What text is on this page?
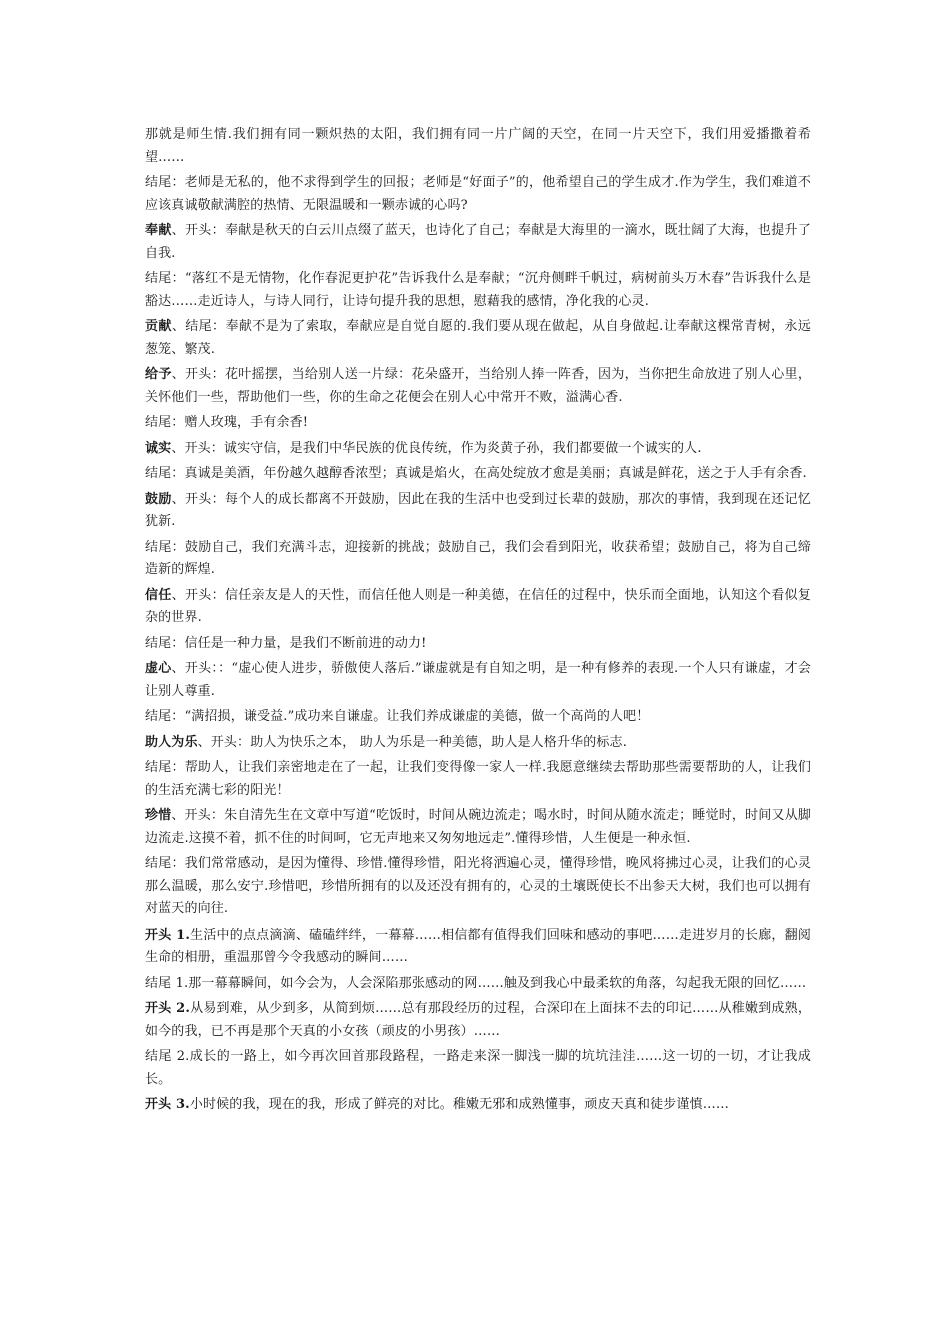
那就是师生情.我们拥有同一颗炽热的太阳，我们拥有同一片广阔的天空，在同一片天空下，我们用爱播撒着希望……

结尾：老师是无私的，他不求得到学生的回报；老师是“好面子”的，他希望自己的学生成才.作为学生，我们难道不应该真诚敬献满腔的热情、无限温暖和一颗赤诚的心吗?

奉献、开头：奉献是秋天的白云川点缀了蓝天，也诗化了自己；奉献是大海里的一滴水，既壮阔了大海，也提升了自我.

结尾：“落红不是无情物，化作春泥更护花”告诉我什么是奉献；“沉舟侧畔千帆过，病树前头万木春”告诉我什么是豁达……走近诗人，与诗人同行，让诗句提升我的思想，慰藉我的感情，净化我的心灵.

贡献、结尾：奉献不是为了索取，奉献应是自觉自愿的.我们要从现在做起，从自身做起.让奉献这棵常青树，永远葱笼、繁茂.

给予、开头：花叶摇摆，当给别人送一片绿：花朵盛开，当给别人捧一阵香，因为，当你把生命放进了别人心里，关怀他们一些，帮助他们一些，你的生命之花便会在别人心中常开不败，溢满心香.

结尾：赠人玫瑰，手有余香!

诚实、开头：诚实守信，是我们中华民族的优良传统，作为炎黄子孙，我们都要做一个诚实的人.

结尾：真诚是美酒，年份越久越醇香浓型；真诚是焰火，在高处绽放才愈是美丽；真诚是鲜花，送之于人手有余香.

鼓励、开头：每个人的成长都离不开鼓励，因此在我的生活中也受到过长辈的鼓励，那次的事情，我到现在还记忆犹新.

结尾：鼓励自己，我们充满斗志，迎接新的挑战；鼓励自己，我们会看到阳光，收获希望；鼓励自己，将为自己缔造新的辉煌.

信任、开头：信任亲友是人的天性，而信任他人则是一种美德，在信任的过程中，快乐而全面地，认知这个看似复杂的世界.

结尾：信任是一种力量，是我们不断前进的动力!

虚心、开头：：“虚心使人进步，骄傲使人落后.”谦虚就是有自知之明，是一种有修养的表现.一个人只有谦虚，才会让别人尊重.

结尾：“满招损，谦受益.”成功来自谦虚。让我们养成谦虚的美德，做一个高尚的人吧！

助人为乐、开头：助人为快乐之本， 助人为乐是一种美德，助人是人格升华的标志.

结尾：帮助人，让我们亲密地走在了一起，让我们变得像一家人一样.我愿意继续去帮助那些需要帮助的人，让我们的生活充满七彩的阳光！

珍惜、开头：朱自清先生在文章中写道“吃饭时，时间从碗边流走；喝水时，时间从随水流走；睡觉时，时间又从脚边流走.这摸不着，抓不住的时间呵，它无声地来又匆匆地远走”.懂得珍惜，人生便是一种永恒.

结尾：我们常常感动，是因为懂得、珍惜.懂得珍惜，阳光将洒遍心灵，懂得珍惜，晚风将拂过心灵，让我们的心灵那么温暖，那么安宁.珍惜吧，珍惜所拥有的以及还没有拥有的，心灵的土壤既使长不出参天大树，我们也可以拥有对蓝天的向往.

开头 1.生活中的点点滴滴、磕磕绊绊，一幕幕……相信都有值得我们回味和感动的事吧……走进岁月的长廊，翻阅生命的相册，重温那曾今令我感动的瞬间……

结尾 1.那一幕幕瞬间，如今会为，人会深陷那张感动的网……触及到我心中最柔软的角落，勾起我无限的回忆……

开头 2.从易到难，从少到多，从简到烦……总有那段经历的过程，合深印在上面抹不去的印记……从稚嫩到成熟，如今的我，已不再是那个天真的小女孩（顽皮的小男孩）……

结尾 2.成长的一路上，如今再次回首那段路程，一路走来深一脚浅一脚的坑坑洼洼……这一切的一切，才让我成长。

开头 3.小时候的我，现在的我，形成了鲜亮的对比。稚嫩无邪和成熟懂事，顽皮天真和徒步谨慎……
